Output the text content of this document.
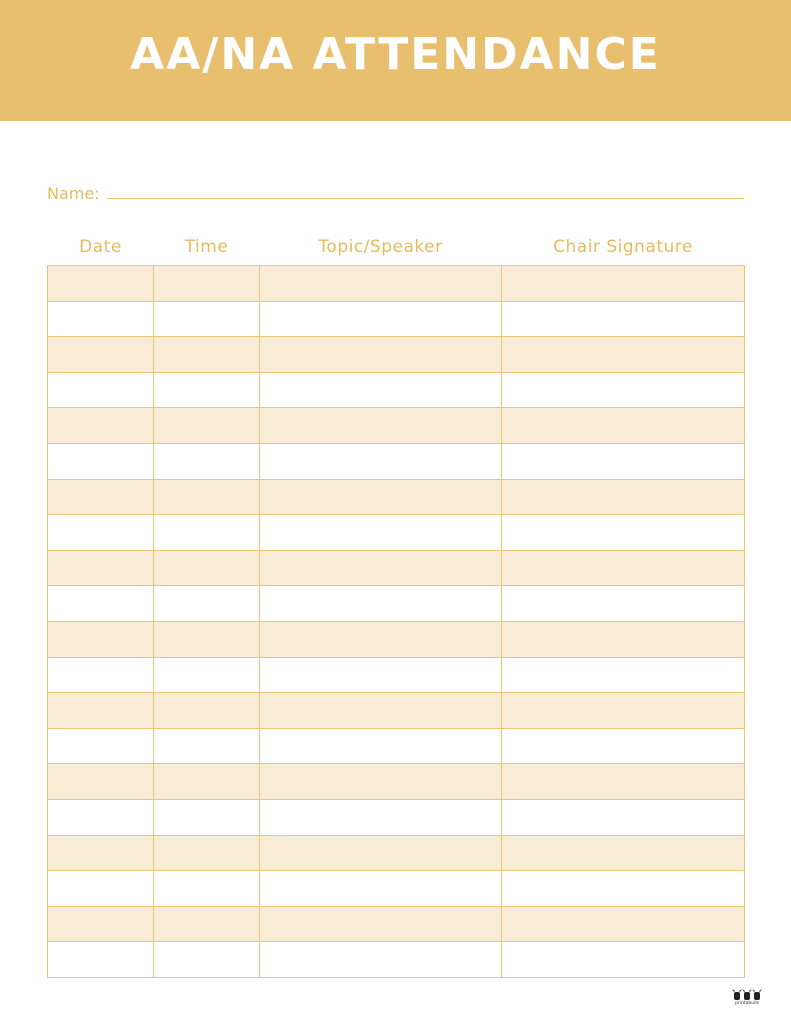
AA/NA ATTENDANCE
Name:
Date	Time	Topic/Speaker	Chair Signature

printabulls
